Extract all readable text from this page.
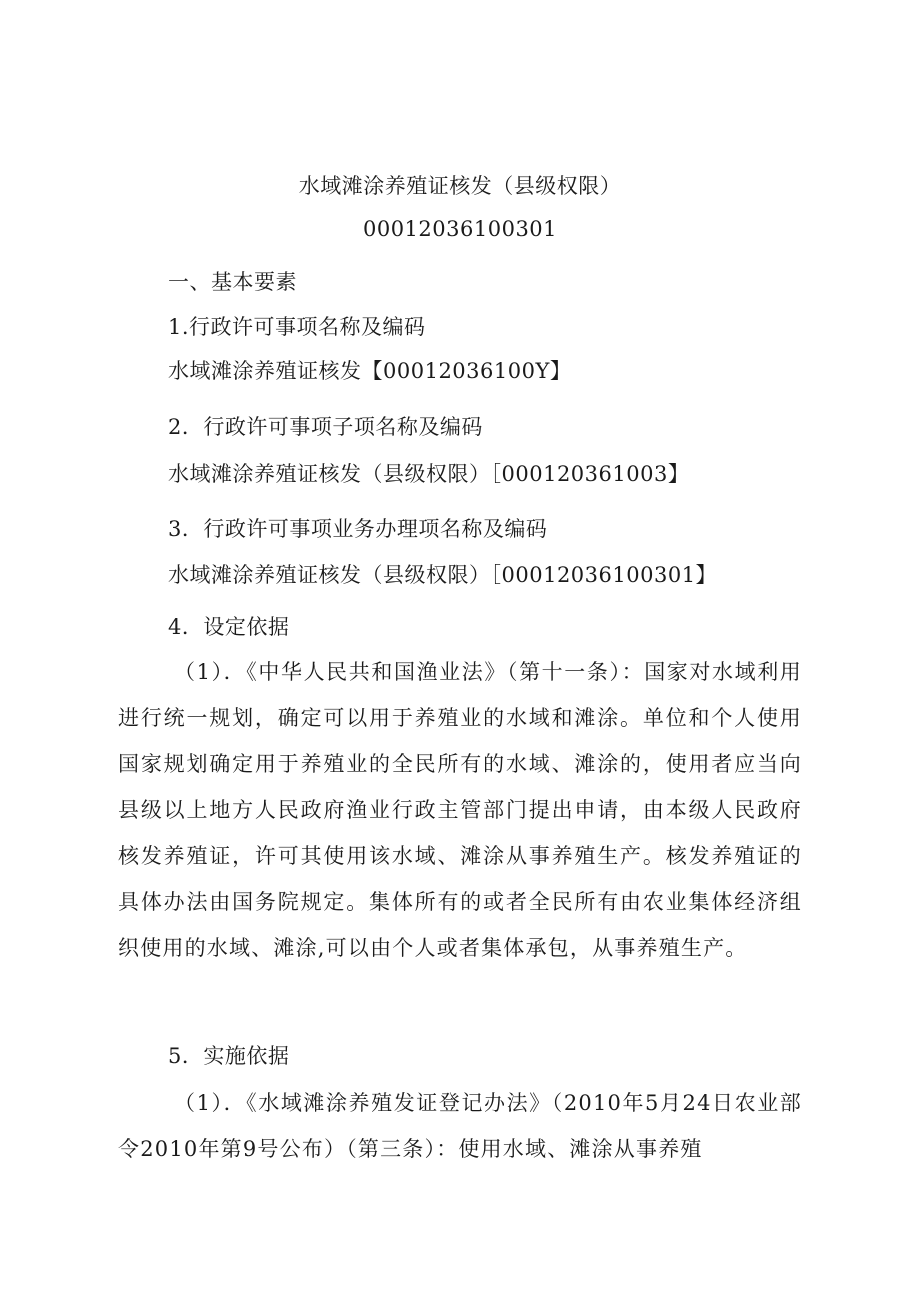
水域滩涂养殖证核发（县级权限）
00012036100301
一、基本要素
1.行政许可事项名称及编码
水域滩涂养殖证核发【00012036100Y】
2．行政许可事项子项名称及编码
水域滩涂养殖证核发（县级权限）［000120361003】
3．行政许可事项业务办理项名称及编码
水域滩涂养殖证核发（县级权限）［00012036100301】
4．设定依据
（1）．《中华人民共和国渔业法》（第十一条）：国家对水域利用进行统一规划，确定可以用于养殖业的水域和滩涂。单位和个人使用国家规划确定用于养殖业的全民所有的水域、滩涂的，使用者应当向县级以上地方人民政府渔业行政主管部门提出申请，由本级人民政府核发养殖证，许可其使用该水域、滩涂从事养殖生产。核发养殖证的具体办法由国务院规定。集体所有的或者全民所有由农业集体经济组织使用的水域、滩涂,可以由个人或者集体承包，从事养殖生产。
5．实施依据
（1）．《水域滩涂养殖发证登记办法》（2010年5月24日农业部令2010年第9号公布）（第三条）：使用水域、滩涂从事养殖
